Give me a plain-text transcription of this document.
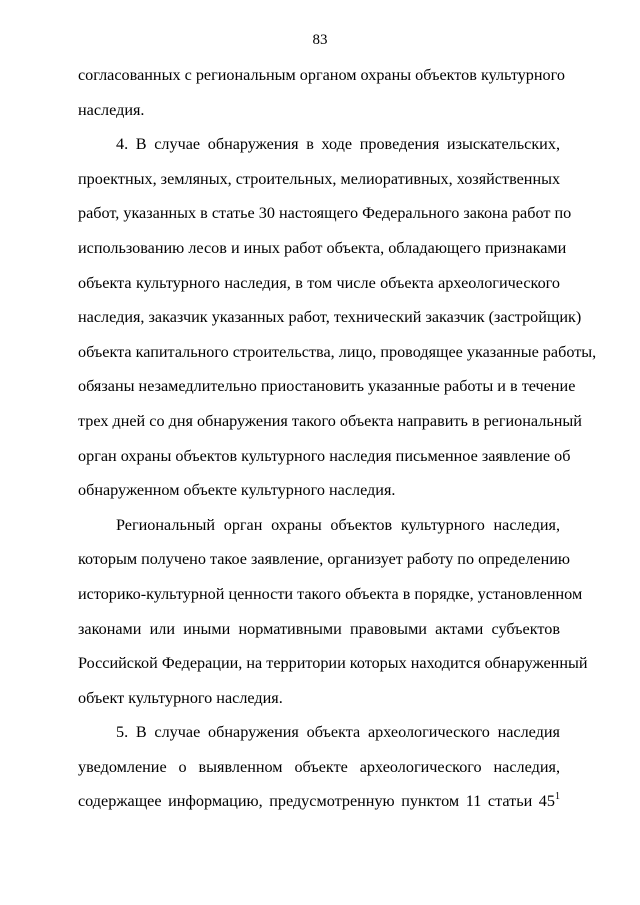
83
согласованных с региональным органом охраны объектов культурного
наследия.
4. В случае обнаружения в ходе проведения изыскательских,
проектных, земляных, строительных, мелиоративных, хозяйственных
работ, указанных в статье 30 настоящего Федерального закона работ по
использованию лесов и иных работ объекта, обладающего признаками
объекта культурного наследия, в том числе объекта археологического
наследия, заказчик указанных работ, технический заказчик (застройщик)
объекта капитального строительства, лицо, проводящее указанные работы,
обязаны незамедлительно приостановить указанные работы и в течение
трех дней со дня обнаружения такого объекта направить в региональный
орган охраны объектов культурного наследия письменное заявление об
обнаруженном объекте культурного наследия.
Региональный орган охраны объектов культурного наследия,
которым получено такое заявление, организует работу по определению
историко-культурной ценности такого объекта в порядке, установленном
законами или иными нормативными правовыми актами субъектов
Российской Федерации, на территории которых находится обнаруженный
объект культурного наследия.
5. В случае обнаружения объекта археологического наследия
уведомление о выявленном объекте археологического наследия,
содержащее информацию, предусмотренную пунктом 11 статьи $45^1$
